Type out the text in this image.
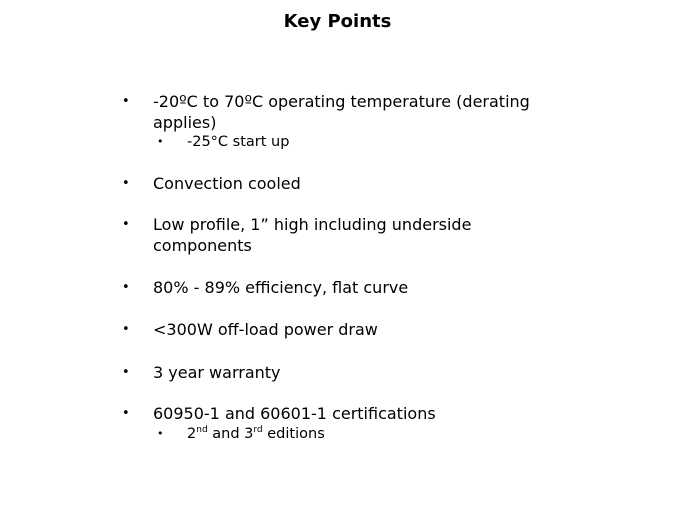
Key Points
• -20ºC to 70ºC operating temperature (derating applies)
• -25°C start up
• Convection cooled
• Low profile, 1” high including underside components
• 80% - 89% efficiency, flat curve
• <300W off-load power draw
• 3 year warranty
• 60950-1 and 60601-1 certifications
• 2nd and 3rd editions
